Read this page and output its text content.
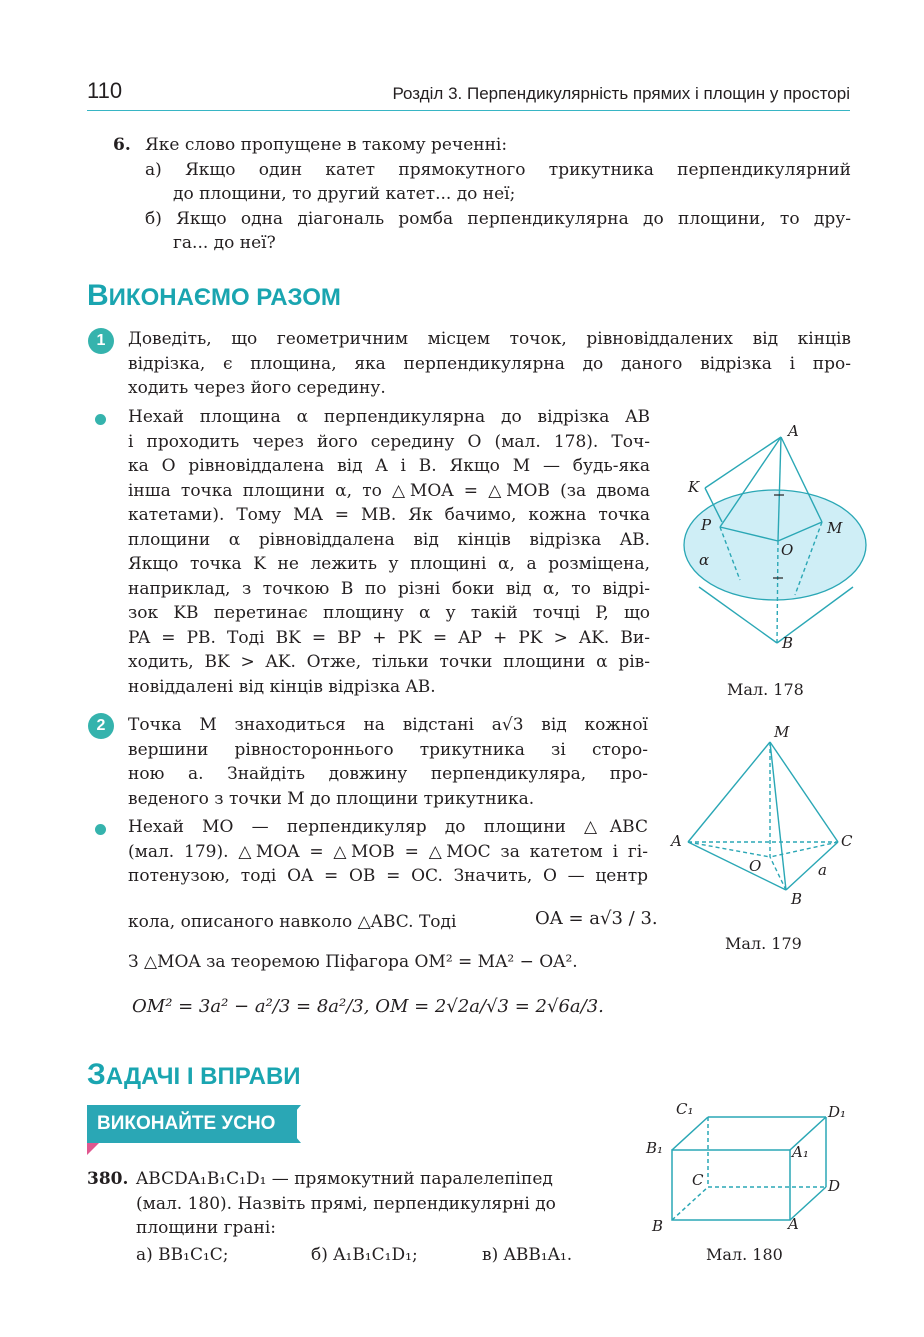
110	Розділ 3. Перпендикулярність прямих і площин у просторі
6. Яке слово пропущене в такому реченні:
а) Якщо один катет прямокутного трикутника перпендикулярний
до площини, то другий катет... до неї;
б) Якщо одна діагональ ромба перпендикулярна до площини, то дру-
га... до неї?
ВИКОНАЄМО РАЗОМ
1	Доведіть, що геометричним місцем точок, рівновіддалених від кінців
відрізка, є площина, яка перпендикулярна до даного відрізка і про-
ходить через його середину.
Нехай площина α перпендикулярна до відрізка AB
і проходить через його середину O (мал. 178). Точ-
ка O рівновіддалена від A і B. Якщо M — будь-яка
інша точка площини α, то △MOA = △MOB (за двома
катетами). Тому MA = MB. Як бачимо, кожна точка
площини α рівновіддалена від кінців відрізка AB.
Якщо точка K не лежить у площині α, а розміщена,
наприклад, з точкою B по різні боки від α, то відрі-
зок KB перетинає площину α у такій точці P, що
PA = PB. Тоді BK = BP + PK = AP + PK > AK. Ви-
ходить, BK > AK. Отже, тільки точки площини α рів-
новіддалені від кінців відрізка AB.
A
K
P	M
O
α
B
Мал. 178
2	Точка M знаходиться на відстані a√3 від кожної
вершини рівностороннього трикутника зі сторо-
ною a. Знайдіть довжину перпендикуляра, про-
веденого з точки M до площини трикутника.
Нехай MO — перпендикуляр до площини △ABC
(мал. 179). △MOA = △MOB = △MOC за катетом і гі-
потенузою, тоді OA = OB = OC. Значить, O — центр
кола, описаного навколо △ABC. Тоді	OA = a√3 / 3.
З △MOA за теоремою Піфагора OM² = MA² − OA².
OM² = 3a² − a²/3 = 8a²/3, OM = 2√2a/√3 = 2√6a/3.
M
A	C
O	a
B
Мал. 179
ЗАДАЧІ І ВПРАВИ
ВИКОНАЙТЕ УСНО
380. ABCDA₁B₁C₁D₁ — прямокутний паралелепіпед
(мал. 180). Назвіть прямі, перпендикулярні до
площини грані:
а) BB₁C₁C;	б) A₁B₁C₁D₁;	в) ABB₁A₁.
C₁	D₁
B₁	A₁
C	D
B	A
Мал. 180
